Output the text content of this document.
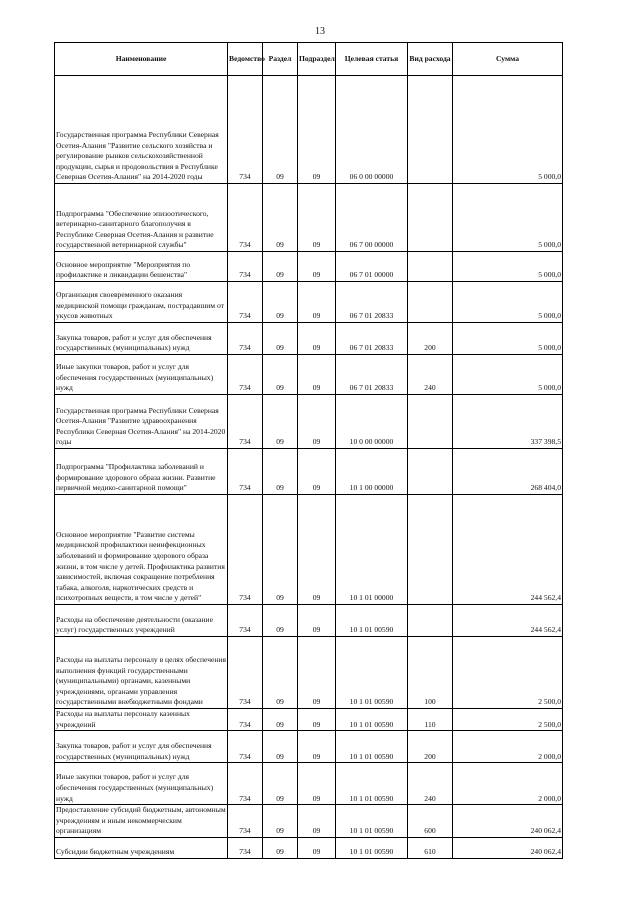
13
Наименование	Ведомство	Раздел	Подраздел	Целевая статья	Вид расхода	Сумма
Государственная программа Республики Северная Осетия-Алания "Развитие сельского хозяйства и регулирование рынков сельскохозяйственной продукции, сырья и продовольствия в Республике Северная Осетия-Алания" на 2014-2020 годы	734	09	09	06 0 00 00000		5 000,0
Подпрограмма "Обеспечение эпизоотического, ветеринарно-санитарного благополучия в Республике Северная Осетия-Алания и развитие государственной ветеринарной службы"	734	09	09	06 7 00 00000		5 000,0
Основное мероприятие "Мероприятия по профилактике и ликвидации бешенства"	734	09	09	06 7 01 00000		5 000,0
Организация своевременного оказания медицинской помощи гражданам, пострадавшим от укусов животных	734	09	09	06 7 01 20833		5 000,0
Закупка товаров, работ и услуг для обеспечения государственных (муниципальных) нужд	734	09	09	06 7 01 20833	200	5 000,0
Иные закупки товаров, работ и услуг для обеспечения государственных (муниципальных) нужд	734	09	09	06 7 01 20833	240	5 000,0
Государственная программа Республики Северная Осетия-Алания "Развитие здравоохранения Республики Северная Осетия-Алания" на 2014-2020 годы	734	09	09	10 0 00 00000		337 398,5
Подпрограмма "Профилактика заболеваний и формирование здорового образа жизни. Развитие первичной медико-санитарной помощи"	734	09	09	10 1 00 00000		268 404,0
Основное мероприятие "Развитие системы медицинской профилактики неинфекционных заболеваний и формирование здорового образа жизни, в том числе у детей. Профилактика развития зависимостей, включая сокращение потребления табака, алкоголя, наркотических средств и психотропных веществ, в том числе у детей"	734	09	09	10 1 01 00000		244 562,4
Расходы на обеспечение деятельности (оказание услуг) государственных учреждений	734	09	09	10 1 01 00590		244 562,4
Расходы на выплаты персоналу в целях обеспечения выполнения функций государственными (муниципальными) органами, казенными учреждениями, органами управления государственными внебюджетными фондами	734	09	09	10 1 01 00590	100	2 500,0
Расходы на выплаты персоналу казенных учреждений	734	09	09	10 1 01 00590	110	2 500,0
Закупка товаров, работ и услуг для обеспечения государственных (муниципальных) нужд	734	09	09	10 1 01 00590	200	2 000,0
Иные закупки товаров, работ и услуг для обеспечения государственных (муниципальных) нужд	734	09	09	10 1 01 00590	240	2 000,0
Предоставление субсидий бюджетным, автономным учреждениям и иным некоммерческим организациям	734	09	09	10 1 01 00590	600	240 062,4
Субсидии бюджетным учреждениям	734	09	09	10 1 01 00590	610	240 062,4
